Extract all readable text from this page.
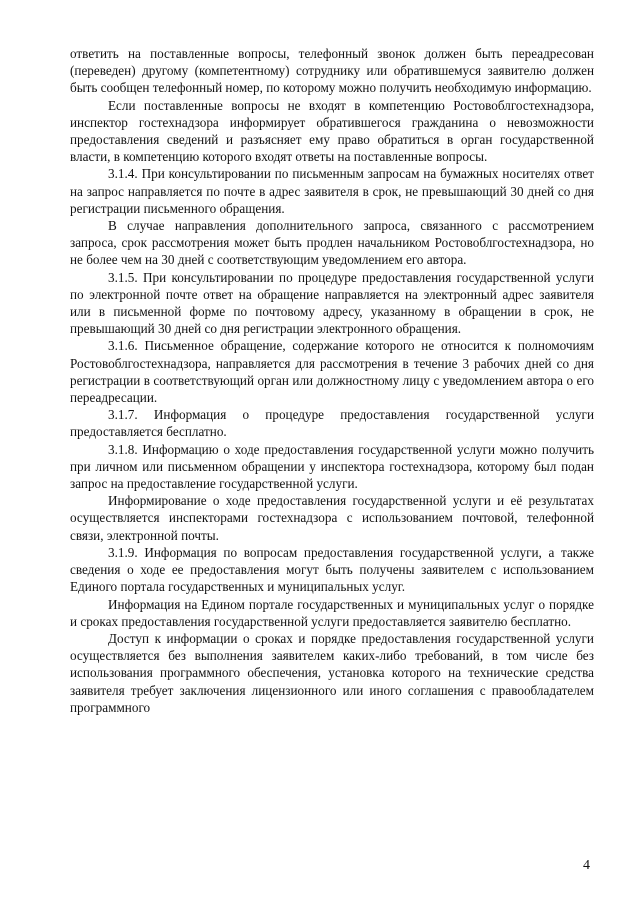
ответить на поставленные вопросы, телефонный звонок должен быть переадресован (переведен) другому (компетентному) сотруднику или обратившемуся заявителю должен быть сообщен телефонный номер, по которому можно получить необходимую информацию.

Если поставленные вопросы не входят в компетенцию Ростовоблгостехнадзора, инспектор гостехнадзора информирует обратившегося гражданина о невозможности предоставления сведений и разъясняет ему право обратиться в орган государственной власти, в компетенцию которого входят ответы на поставленные вопросы.

3.1.4. При консультировании по письменным запросам на бумажных носителях ответ на запрос направляется по почте в адрес заявителя в срок, не превышающий 30 дней со дня регистрации письменного обращения.

В случае направления дополнительного запроса, связанного с рассмотрением запроса, срок рассмотрения может быть продлен начальником Ростовоблгостехнадзора, но не более чем на 30 дней с соответствующим уведомлением его автора.

3.1.5. При консультировании по процедуре предоставления государственной услуги по электронной почте ответ на обращение направляется на электронный адрес заявителя или в письменной форме по почтовому адресу, указанному в обращении в срок, не превышающий 30 дней со дня регистрации электронного обращения.

3.1.6. Письменное обращение, содержание которого не относится к полномочиям Ростовоблгостехнадзора, направляется для рассмотрения в течение 3 рабочих дней со дня регистрации в соответствующий орган или должностному лицу с уведомлением автора о его переадресации.

3.1.7. Информация о процедуре предоставления государственной услуги предоставляется бесплатно.

3.1.8. Информацию о ходе предоставления государственной услуги можно получить при личном или письменном обращении у инспектора гостехнадзора, которому был подан запрос на предоставление государственной услуги.

Информирование о ходе предоставления государственной услуги и её результатах осуществляется инспекторами гостехнадзора с использованием почтовой, телефонной связи, электронной почты.

3.1.9. Информация по вопросам предоставления государственной услуги, а также сведения о ходе ее предоставления могут быть получены заявителем с использованием Единого портала государственных и муниципальных услуг.

Информация на Едином портале государственных и муниципальных услуг о порядке и сроках предоставления государственной услуги предоставляется заявителю бесплатно.

Доступ к информации о сроках и порядке предоставления государственной услуги осуществляется без выполнения заявителем каких-либо требований, в том числе без использования программного обеспечения, установка которого на технические средства заявителя требует заключения лицензионного или иного соглашения с правообладателем программного

4
